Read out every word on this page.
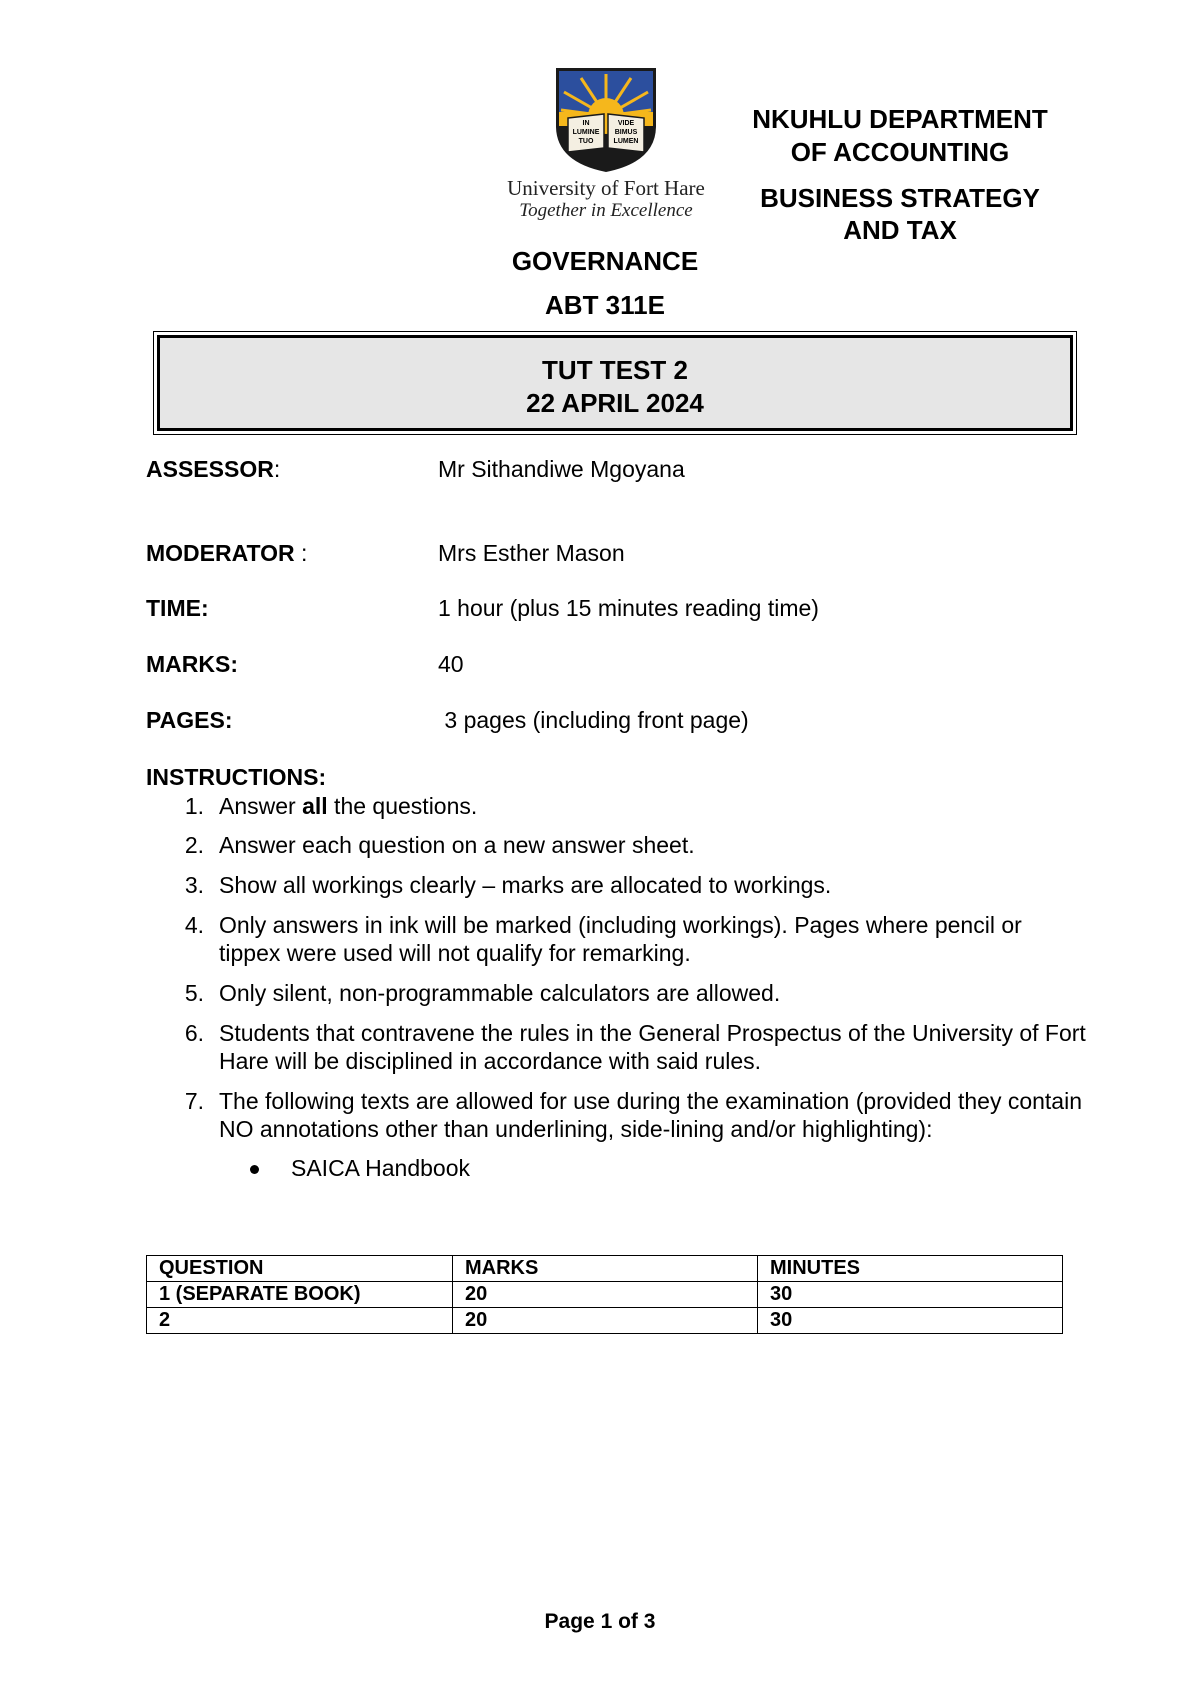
IN
LUMINE
TUO
VIDE
BIMUS
LUMEN
University of Fort Hare
Together in Excellence
NKUHLU DEPARTMENT
OF ACCOUNTING
BUSINESS STRATEGY
AND TAX
GOVERNANCE
ABT 311E
TUT TEST 2
22 APRIL 2024
ASSESSOR:	Mr Sithandiwe Mgoyana
MODERATOR :	Mrs Esther Mason
TIME:	1 hour (plus 15 minutes reading time)
MARKS:	40
PAGES:	3 pages (including front page)
INSTRUCTIONS:
1. Answer all the questions.
2. Answer each question on a new answer sheet.
3. Show all workings clearly – marks are allocated to workings.
4. Only answers in ink will be marked (including workings). Pages where pencil or tippex were used will not qualify for remarking.
5. Only silent, non-programmable calculators are allowed.
6. Students that contravene the rules in the General Prospectus of the University of Fort Hare will be disciplined in accordance with said rules.
7. The following texts are allowed for use during the examination (provided they contain NO annotations other than underlining, side-lining and/or highlighting):
SAICA Handbook
QUESTION	MARKS	MINUTES
1 (SEPARATE BOOK)	20	30
2	20	30
Page 1 of 3
